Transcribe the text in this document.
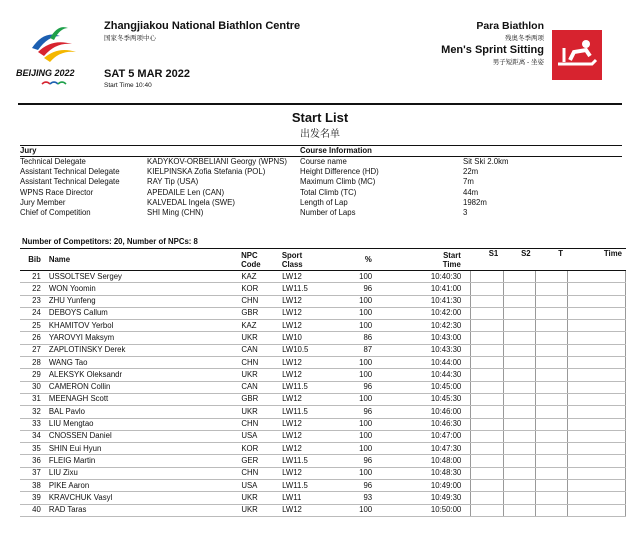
BEIJING 2022
Zhangjiakou National Biathlon Centre
国家冬季两项中心
SAT 5 MAR 2022
Start Time 10:40
Para Biathlon
残奥冬季两项
Men's Sprint Sitting
男子短距离 - 坐姿
Start List
出发名单
Jury	Course Information
Technical Delegate	KADYKOV-ORBELIANI Georgy (WPNS)	Course name	Sit Ski 2.0km
Assistant Technical Delegate	KIELPINSKA Zofia Stefania (POL)	Height Difference (HD)	22m
Assistant Technical Delegate	RAY Tip (USA)	Maximum Climb (MC)	7m
WPNS Race Director	APEDAILE Len (CAN)	Total Climb (TC)	44m
Jury Member	KALVEDAL Ingela (SWE)	Length of Lap	1982m
Chief of Competition	SHI Ming (CHN)	Number of Laps	3
Number of Competitors: 20, Number of NPCs: 8
Bib	Name	NPC
Code
Sport
Class	%	Start
Time
S1	S2	T	Time
21	USSOLTSEV Sergey	KAZ	LW12	100	10:40:30
22	WON Yoomin	KOR	LW11.5	96	10:41:00
23	ZHU Yunfeng	CHN	LW12	100	10:41:30
24	DEBOYS Callum	GBR	LW12	100	10:42:00
25	KHAMITOV Yerbol	KAZ	LW12	100	10:42:30
26	YAROVYI Maksym	UKR	LW10	86	10:43:00
27	ZAPLOTINSKY Derek	CAN	LW10.5	87	10:43:30
28	WANG Tao	CHN	LW12	100	10:44:00
29	ALEKSYK Oleksandr	UKR	LW12	100	10:44:30
30	CAMERON Collin	CAN	LW11.5	96	10:45:00
31	MEENAGH Scott	GBR	LW12	100	10:45:30
32	BAL Pavlo	UKR	LW11.5	96	10:46:00
33	LIU Mengtao	CHN	LW12	100	10:46:30
34	CNOSSEN Daniel	USA	LW12	100	10:47:00
35	SHIN Eui Hyun	KOR	LW12	100	10:47:30
36	FLEIG Martin	GER	LW11.5	96	10:48:00
37	LIU Zixu	CHN	LW12	100	10:48:30
38	PIKE Aaron	USA	LW11.5	96	10:49:00
39	KRAVCHUK Vasyl	UKR	LW11	93	10:49:30
40	RAD Taras	UKR	LW12	100	10:50:00
